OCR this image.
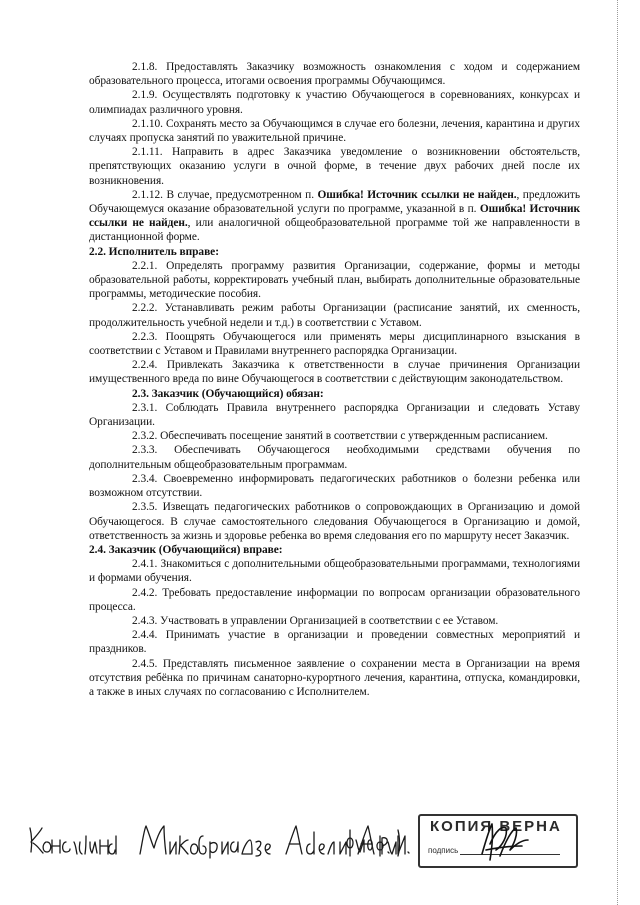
2.1.8. Предоставлять Заказчику возможность ознакомления с ходом и содержанием образовательного процесса, итогами освоения программы Обучающимся.

2.1.9. Осуществлять подготовку к участию Обучающегося в соревнованиях, конкурсах и олимпиадах различного уровня.

2.1.10. Сохранять место за Обучающимся в случае его болезни, лечения, карантина и других случаях пропуска занятий по уважительной причине.

2.1.11. Направить в адрес Заказчика уведомление о возникновении обстоятельств, препятствующих оказанию услуги в очной форме, в течение двух рабочих дней после их возникновения.

2.1.12. В случае, предусмотренном п. Ошибка! Источник ссылки не найден., предложить Обучающемуся оказание образовательной услуги по программе, указанной в п. Ошибка! Источник ссылки не найден., или аналогичной общеобразовательной программе той же направленности в дистанционной форме.

2.2. Исполнитель вправе:

2.2.1. Определять программу развития Организации, содержание, формы и методы образовательной работы, корректировать учебный план, выбирать дополнительные образовательные программы, методические пособия.

2.2.2. Устанавливать режим работы Организации (расписание занятий, их сменность, продолжительность учебной недели и т.д.) в соответствии с Уставом.

2.2.3. Поощрять Обучающегося или применять меры дисциплинарного взыскания в соответствии с Уставом и Правилами внутреннего распорядка Организации.

2.2.4. Привлекать Заказчика к ответственности в случае причинения Организации имущественного вреда по вине Обучающегося в соответствии с действующим законодательством.

2.3. Заказчик (Обучающийся) обязан:

2.3.1. Соблюдать Правила внутреннего распорядка Организации и следовать Уставу Организации.

2.3.2. Обеспечивать посещение занятий в соответствии с утвержденным расписанием.

2.3.3. Обеспечивать Обучающегося необходимыми средствами обучения по дополнительным общеобразовательным программам.

2.3.4. Своевременно информировать педагогических работников о болезни ребенка или возможном отсутствии.

2.3.5. Извещать педагогических работников о сопровождающих в Организацию и домой Обучающегося. В случае самостоятельного следования Обучающегося в Организацию и домой, ответственность за жизнь и здоровье ребенка во время следования его по маршруту несет Заказчик.

2.4. Заказчик (Обучающийся) вправе:

2.4.1. Знакомиться с дополнительными общеобразовательными программами, технологиями и формами обучения.

2.4.2. Требовать предоставление информации по вопросам организации образовательного процесса.

2.4.3. Участвовать в управлении Организацией в соответствии с ее Уставом.

2.4.4. Принимать участие в организации и проведении совместных мероприятий и праздников.

2.4.5. Представлять письменное заявление о сохранении места в Организации на время отсутствия ребёнка по причинам санаторно-курортного лечения, карантина, отпуска, командировки, а также в иных случаях по согласованию с Исполнителем.

КОПИЯ ВЕРНА
подпись
